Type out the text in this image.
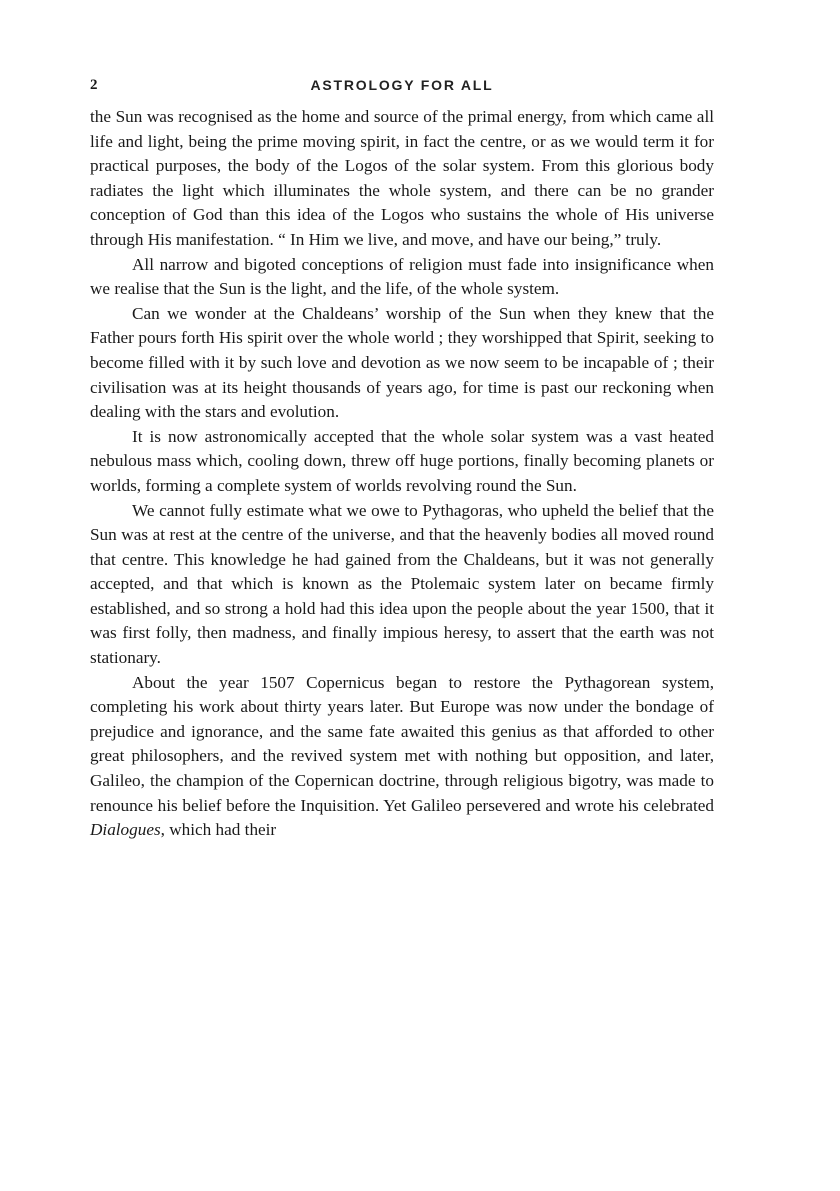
2	ASTROLOGY FOR ALL

the Sun was recognised as the home and source of the primal energy, from which came all life and light, being the prime moving spirit, in fact the centre, or as we would term it for practical purposes, the body of the Logos of the solar system. From this glorious body radiates the light which illuminates the whole system, and there can be no grander conception of God than this idea of the Logos who sustains the whole of His universe through His manifestation. “ In Him we live, and move, and have our being,” truly.

All narrow and bigoted conceptions of religion must fade into insignificance when we realise that the Sun is the light, and the life, of the whole system.

Can we wonder at the Chaldeans’ worship of the Sun when they knew that the Father pours forth His spirit over the whole world ; they worshipped that Spirit, seeking to become filled with it by such love and devotion as we now seem to be incapable of ; their civilisation was at its height thousands of years ago, for time is past our reckoning when dealing with the stars and evolution.

It is now astronomically accepted that the whole solar system was a vast heated nebulous mass which, cooling down, threw off huge portions, finally becoming planets or worlds, forming a complete system of worlds revolving round the Sun.

We cannot fully estimate what we owe to Pythagoras, who upheld the belief that the Sun was at rest at the centre of the universe, and that the heavenly bodies all moved round that centre. This knowledge he had gained from the Chaldeans, but it was not generally accepted, and that which is known as the Ptolemaic system later on became firmly established, and so strong a hold had this idea upon the people about the year 1500, that it was first folly, then madness, and finally impious heresy, to assert that the earth was not stationary.

About the year 1507 Copernicus began to restore the Pythagorean system, completing his work about thirty years later. But Europe was now under the bondage of prejudice and ignorance, and the same fate awaited this genius as that afforded to other great philosophers, and the revived system met with nothing but opposition, and later, Galileo, the champion of the Copernican doctrine, through religious bigotry, was made to renounce his belief before the Inquisition. Yet Galileo persevered and wrote his celebrated Dialogues, which had their
